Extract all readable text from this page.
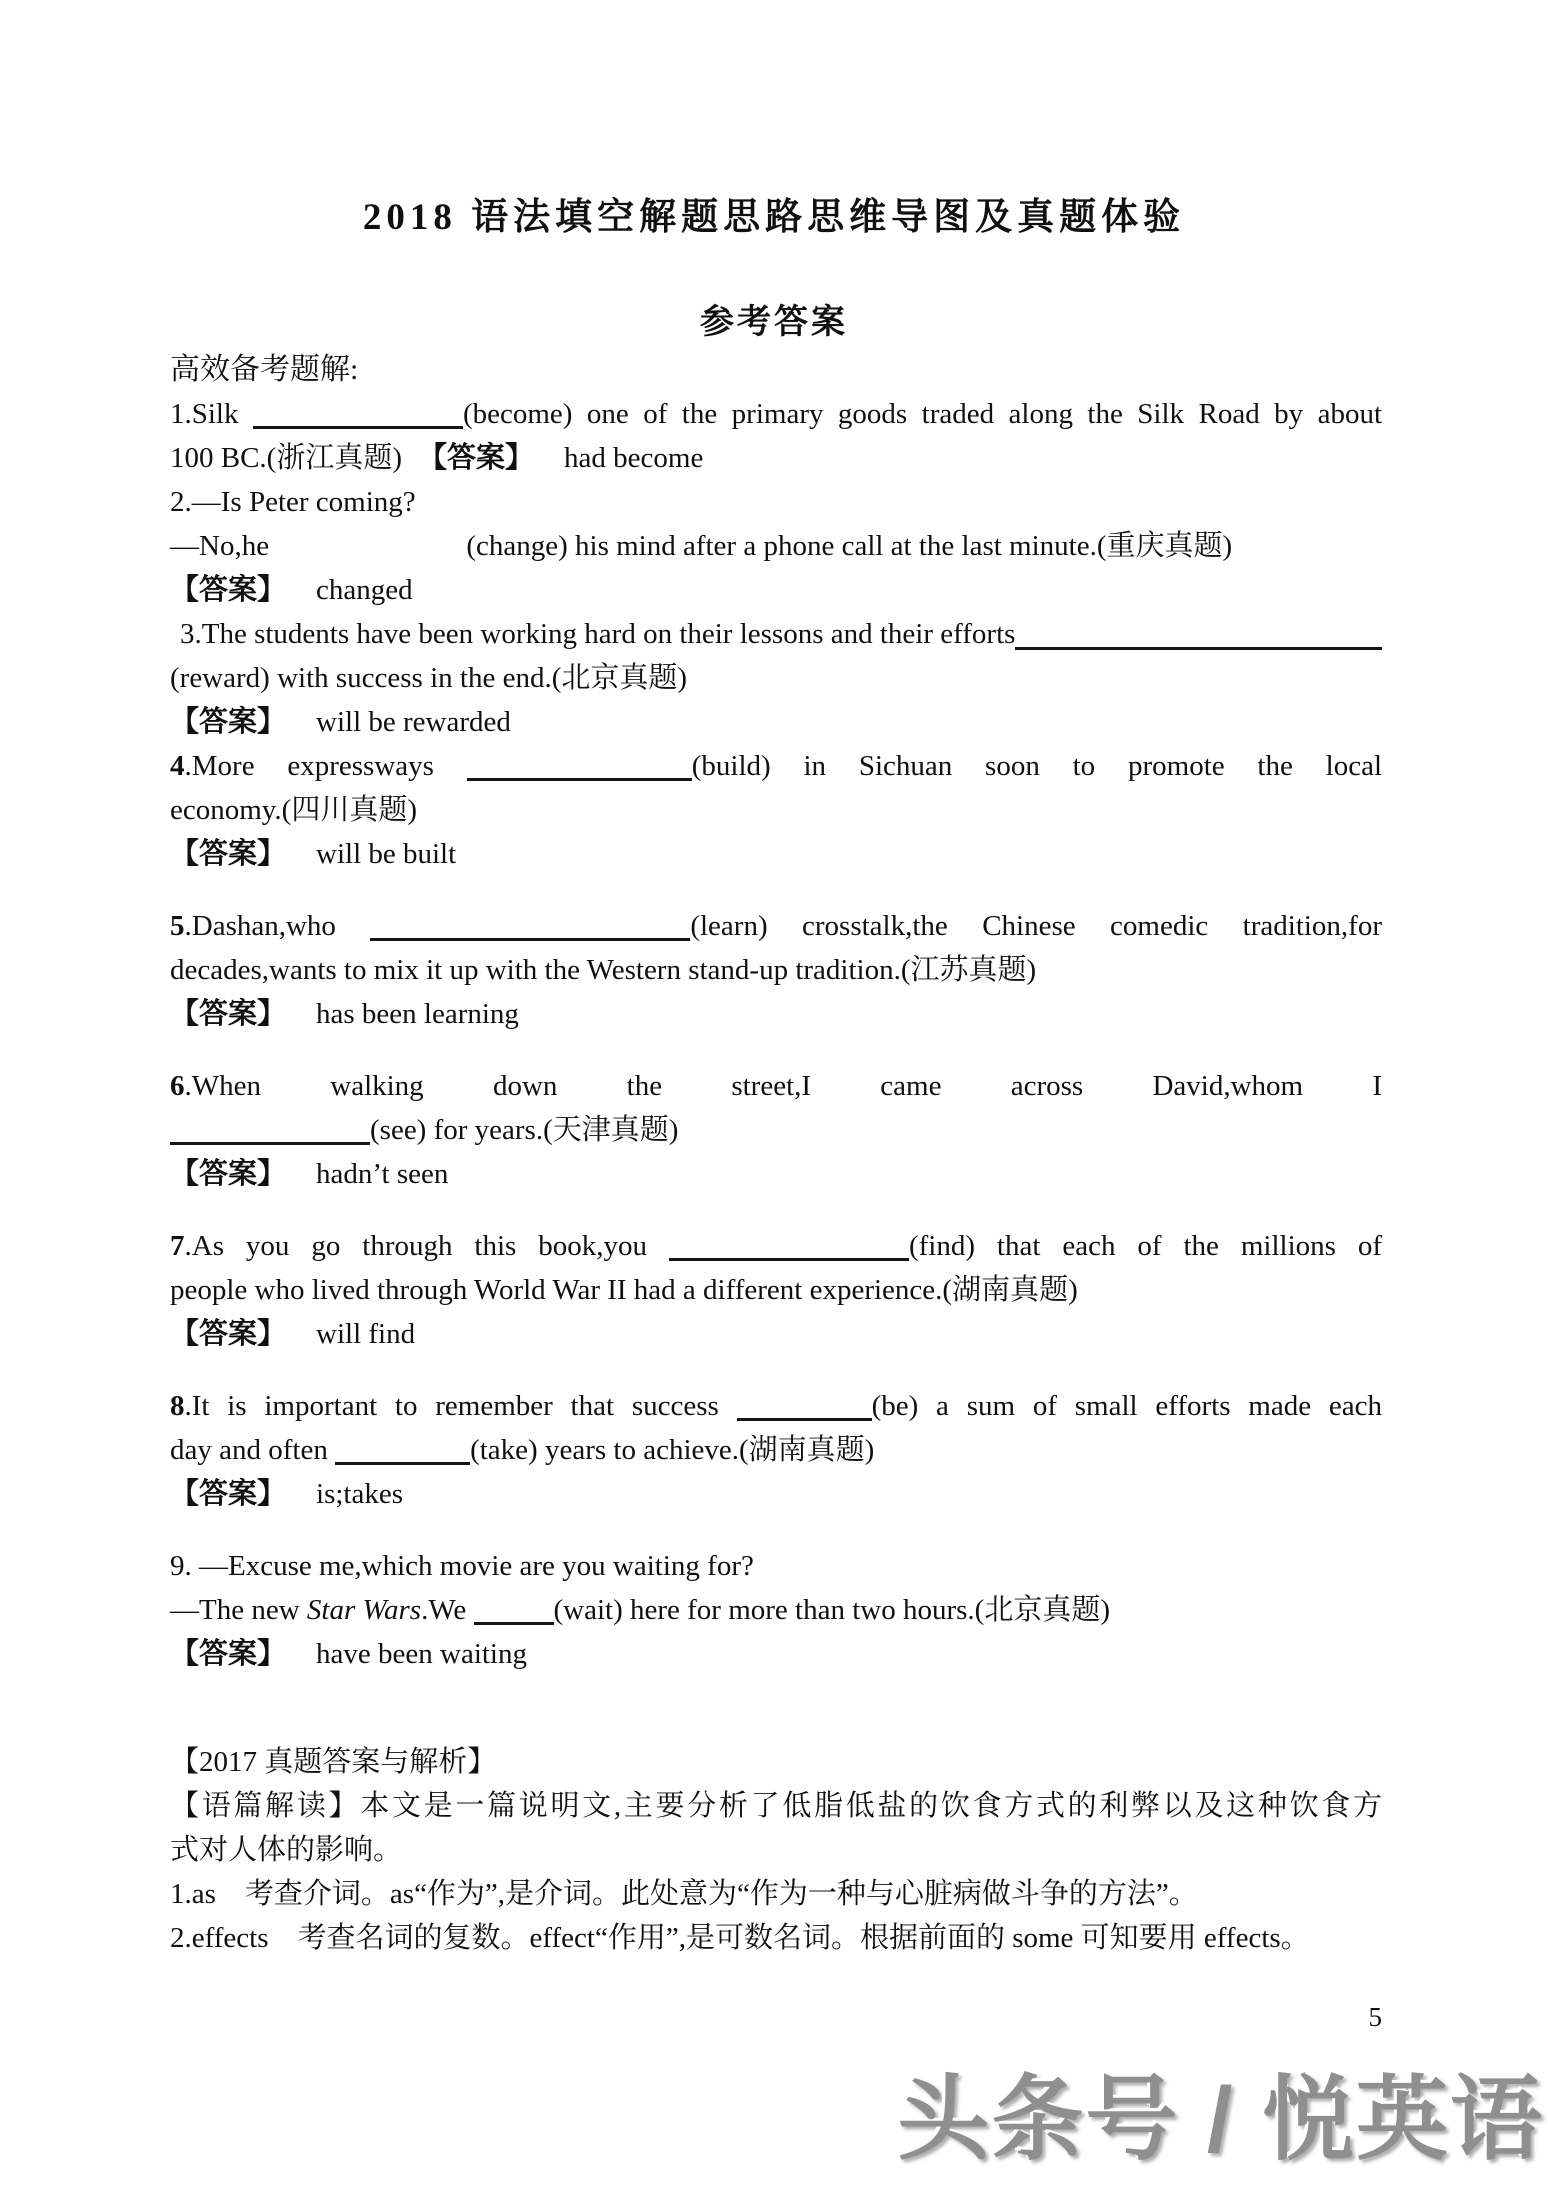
2018 语法填空解题思路思维导图及真题体验
参考答案
高效备考题解:
1.Silk	(become) one of the primary goods traded along the Silk Road by about
100 BC.(浙江真题) 【答案】 had become
2.—Is Peter coming?
—No,he	(change) his mind after a phone call at the last minute.(重庆真题)
【答案】 changed
3.The students have been working hard on their lessons and their efforts
(reward) with success in the end.(北京真题)
【答案】 will be rewarded
4.More expressways	(build) in Sichuan soon to promote the local
economy.(四川真题)
【答案】 will be built
5.Dashan,who	(learn) crosstalk,the Chinese comedic tradition,for
decades,wants to mix it up with the Western stand-up tradition.(江苏真题)
【答案】 has been learning
6.When walking down the street,I came across David,whom I
(see) for years.(天津真题)
【答案】 hadn’t seen
7.As you go through this book,you	(find) that each of the millions of
people who lived through World War II had a different experience.(湖南真题)
【答案】 will find
8.It is important to remember that success	(be) a sum of small efforts made each
day and often	(take) years to achieve.(湖南真题)
【答案】 is;takes
9. —Excuse me,which movie are you waiting for?
—The new Star Wars.We	(wait) here for more than two hours.(北京真题)
【答案】 have been waiting
【2017 真题答案与解析】
【语篇解读】本文是一篇说明文,主要分析了低脂低盐的饮食方式的利弊以及这种饮食方
式对人体的影响。
1.as　考查介词。as“作为”,是介词。此处意为“作为一种与心脏病做斗争的方法”。
2.effects　考查名词的复数。effect“作用”,是可数名词。根据前面的 some 可知要用 effects。
5
头条号 / 悦英语
